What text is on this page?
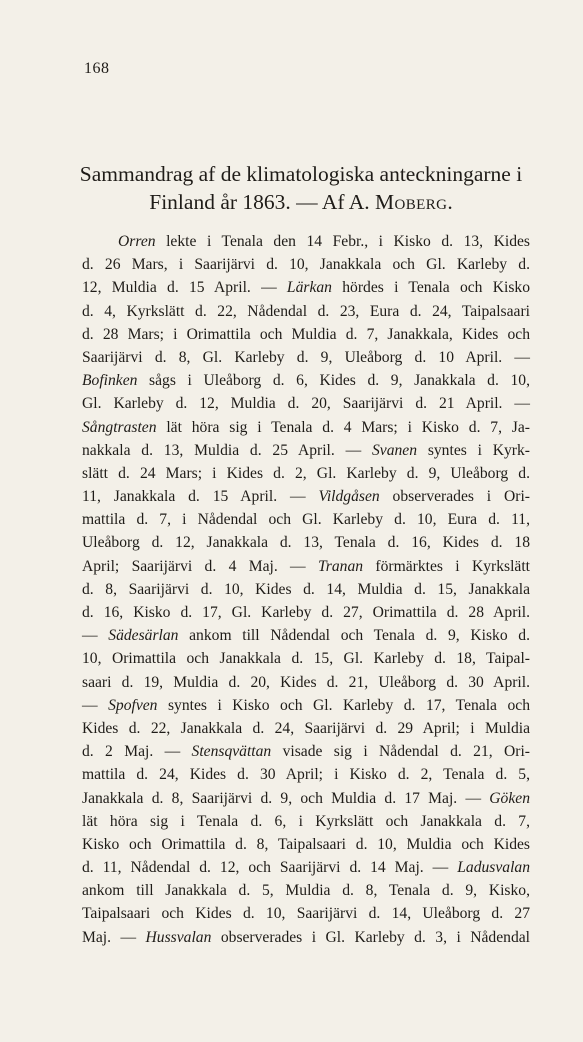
168
Sammandrag af de klimatologiska anteckningarne i
Finland år 1863. — Af A. Moberg.
Orren lekte i Tenala den 14 Febr., i Kisko d. 13, Kides
d. 26 Mars, i Saarijärvi d. 10, Janakkala och Gl. Karleby d.
12, Muldia d. 15 April. — Lärkan hördes i Tenala och Kisko
d. 4, Kyrkslätt d. 22, Nådendal d. 23, Eura d. 24, Taipalsaari
d. 28 Mars; i Orimattila och Muldia d. 7, Janakkala, Kides och
Saarijärvi d. 8, Gl. Karleby d. 9, Uleåborg d. 10 April. —
Bofinken sågs i Uleåborg d. 6, Kides d. 9, Janakkala d. 10,
Gl. Karleby d. 12, Muldia d. 20, Saarijärvi d. 21 April. —
Sångtrasten lät höra sig i Tenala d. 4 Mars; i Kisko d. 7, Ja-
nakkala d. 13, Muldia d. 25 April. — Svanen syntes i Kyrk-
slätt d. 24 Mars; i Kides d. 2, Gl. Karleby d. 9, Uleåborg d.
11, Janakkala d. 15 April. — Vildgåsen observerades i Ori-
mattila d. 7, i Nådendal och Gl. Karleby d. 10, Eura d. 11,
Uleåborg d. 12, Janakkala d. 13, Tenala d. 16, Kides d. 18
April; Saarijärvi d. 4 Maj. — Tranan förmärktes i Kyrkslätt
d. 8, Saarijärvi d. 10, Kides d. 14, Muldia d. 15, Janakkala
d. 16, Kisko d. 17, Gl. Karleby d. 27, Orimattila d. 28 April.
— Sädesärlan ankom till Nådendal och Tenala d. 9, Kisko d.
10, Orimattila och Janakkala d. 15, Gl. Karleby d. 18, Taipal-
saari d. 19, Muldia d. 20, Kides d. 21, Uleåborg d. 30 April.
— Spofven syntes i Kisko och Gl. Karleby d. 17, Tenala och
Kides d. 22, Janakkala d. 24, Saarijärvi d. 29 April; i Muldia
d. 2 Maj. — Stensqvättan visade sig i Nådendal d. 21, Ori-
mattila d. 24, Kides d. 30 April; i Kisko d. 2, Tenala d. 5,
Janakkala d. 8, Saarijärvi d. 9, och Muldia d. 17 Maj. — Göken
lät höra sig i Tenala d. 6, i Kyrkslätt och Janakkala d. 7,
Kisko och Orimattila d. 8, Taipalsaari d. 10, Muldia och Kides
d. 11, Nådendal d. 12, och Saarijärvi d. 14 Maj. — Ladusvalan
ankom till Janakkala d. 5, Muldia d. 8, Tenala d. 9, Kisko,
Taipalsaari och Kides d. 10, Saarijärvi d. 14, Uleåborg d. 27
Maj. — Hussvalan observerades i Gl. Karleby d. 3, i Nådendal
